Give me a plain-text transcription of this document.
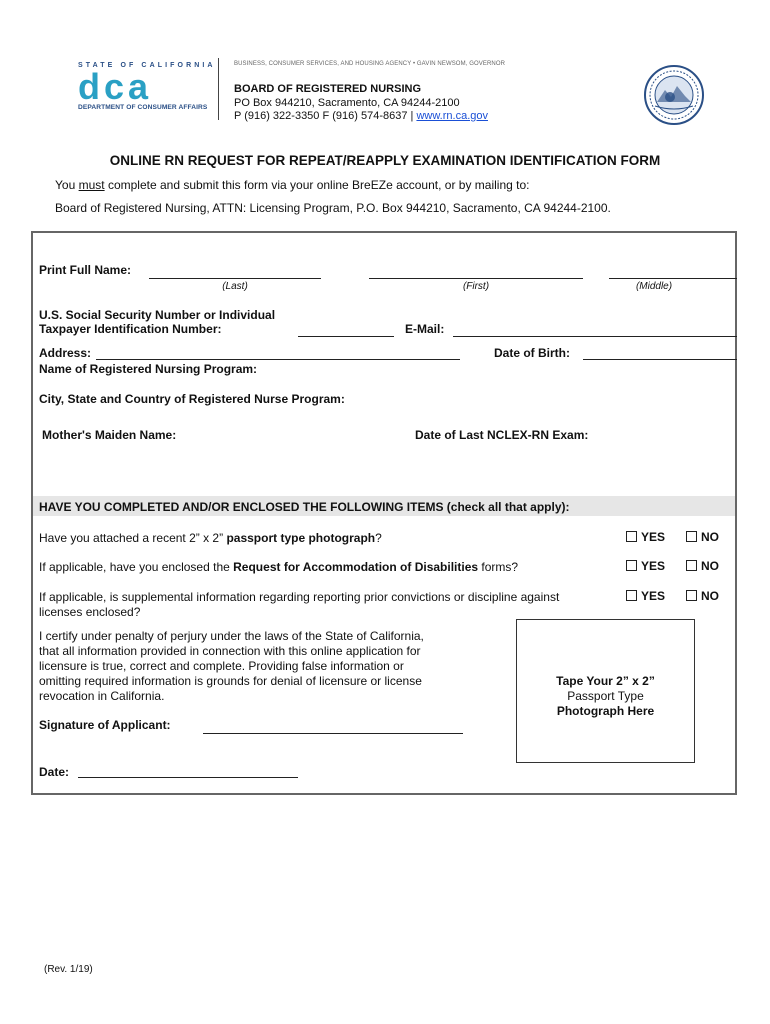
STATE OF CALIFORNIA
dca
DEPARTMENT OF CONSUMER AFFAIRS
BUSINESS, CONSUMER SERVICES, AND HOUSING AGENCY • GAVIN NEWSOM, GOVERNOR
BOARD OF REGISTERED NURSING
PO Box 944210, Sacramento, CA 94244-2100
P (916) 322-3350 F (916) 574-8637 | www.rn.ca.gov
ONLINE RN REQUEST FOR REPEAT/REAPPLY EXAMINATION IDENTIFICATION FORM
You must complete and submit this form via your online BreEZe account, or by mailing to:
Board of Registered Nursing, ATTN: Licensing Program, P.O. Box 944210, Sacramento, CA 94244-2100.
Print Full Name:
(Last)	(First)	(Middle)
U.S. Social Security Number or Individual
Taxpayer Identification Number:	E-Mail:
Address:	Date of Birth:
Name of Registered Nursing Program:
City, State and Country of Registered Nurse Program:
Mother's Maiden Name:	Date of Last NCLEX-RN Exam:
HAVE YOU COMPLETED AND/OR ENCLOSED THE FOLLOWING ITEMS (check all that apply):
Have you attached a recent 2” x 2” passport type photograph?	YES	NO
If applicable, have you enclosed the Request for Accommodation of Disabilities forms?	YES	NO
If applicable, is supplemental information regarding reporting prior convictions or discipline against
licenses enclosed?
YES	NO
I certify under penalty of perjury under the laws of the State of California,
that all information provided in connection with this online application for
licensure is true, correct and complete. Providing false information or
omitting required information is grounds for denial of licensure or license
revocation in California.
Signature of Applicant:
Date:
Tape Your 2” x 2”
Passport Type
Photograph Here
(Rev. 1/19)
